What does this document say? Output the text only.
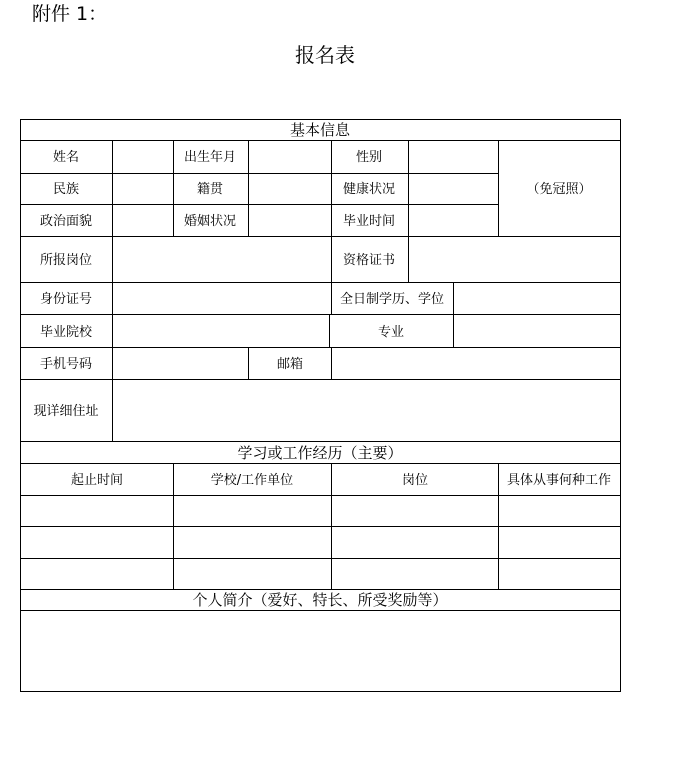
附件 1：
报名表
基本信息
姓名	出生年月	性别
民族	籍贯	健康状况	（免冠照）
政治面貌	婚姻状况	毕业时间
所报岗位	资格证书
身份证号	全日制学历、学位
毕业院校	专业
手机号码	邮箱
现详细住址
学习或工作经历（主要）
起止时间	学校/工作单位	岗位	具体从事何种工作
个人简介（爱好、特长、所受奖励等）
